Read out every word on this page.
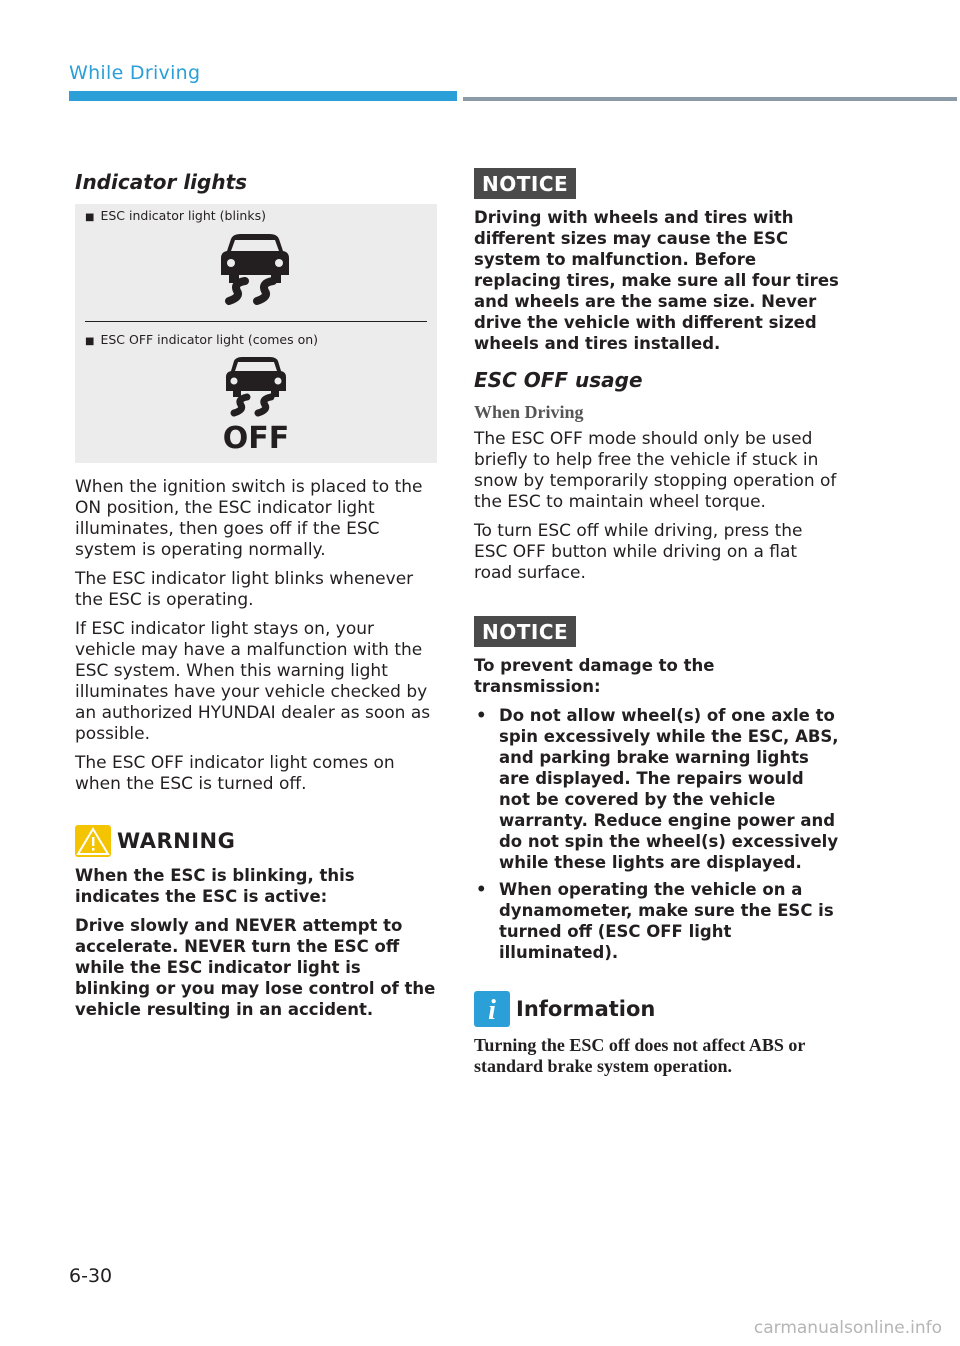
While Driving
Indicator lights

■ ESC indicator light (blinks)

■ ESC OFF indicator light (comes on)

OFF

When the ignition switch is placed to the ON position, the ESC indicator light illuminates, then goes off if the ESC system is operating normally.

The ESC indicator light blinks whenever the ESC is operating.

If ESC indicator light stays on, your vehicle may have a malfunction with the ESC system. When this warning light illuminates have your vehicle checked by an authorized HYUNDAI dealer as soon as possible.

The ESC OFF indicator light comes on when the ESC is turned off.

WARNING

When the ESC is blinking, this indicates the ESC is active:

Drive slowly and NEVER attempt to accelerate. NEVER turn the ESC off while the ESC indicator light is blinking or you may lose control of the vehicle resulting in an accident.

NOTICE

Driving with wheels and tires with different sizes may cause the ESC system to malfunction. Before replacing tires, make sure all four tires and wheels are the same size. Never drive the vehicle with different sized wheels and tires installed.

ESC OFF usage

When Driving

The ESC OFF mode should only be used briefly to help free the vehicle if stuck in snow by temporarily stopping operation of the ESC to maintain wheel torque.

To turn ESC off while driving, press the ESC OFF button while driving on a flat road surface.

NOTICE

To prevent damage to the transmission:

• Do not allow wheel(s) of one axle to spin excessively while the ESC, ABS, and parking brake warning lights are displayed. The repairs would not be covered by the vehicle warranty. Reduce engine power and do not spin the wheel(s) excessively while these lights are displayed.
• When operating the vehicle on a dynamometer, make sure the ESC is turned off (ESC OFF light illuminated).
i Information

Turning the ESC off does not affect ABS or standard brake system operation.

6-30
carmanualsonline.info
